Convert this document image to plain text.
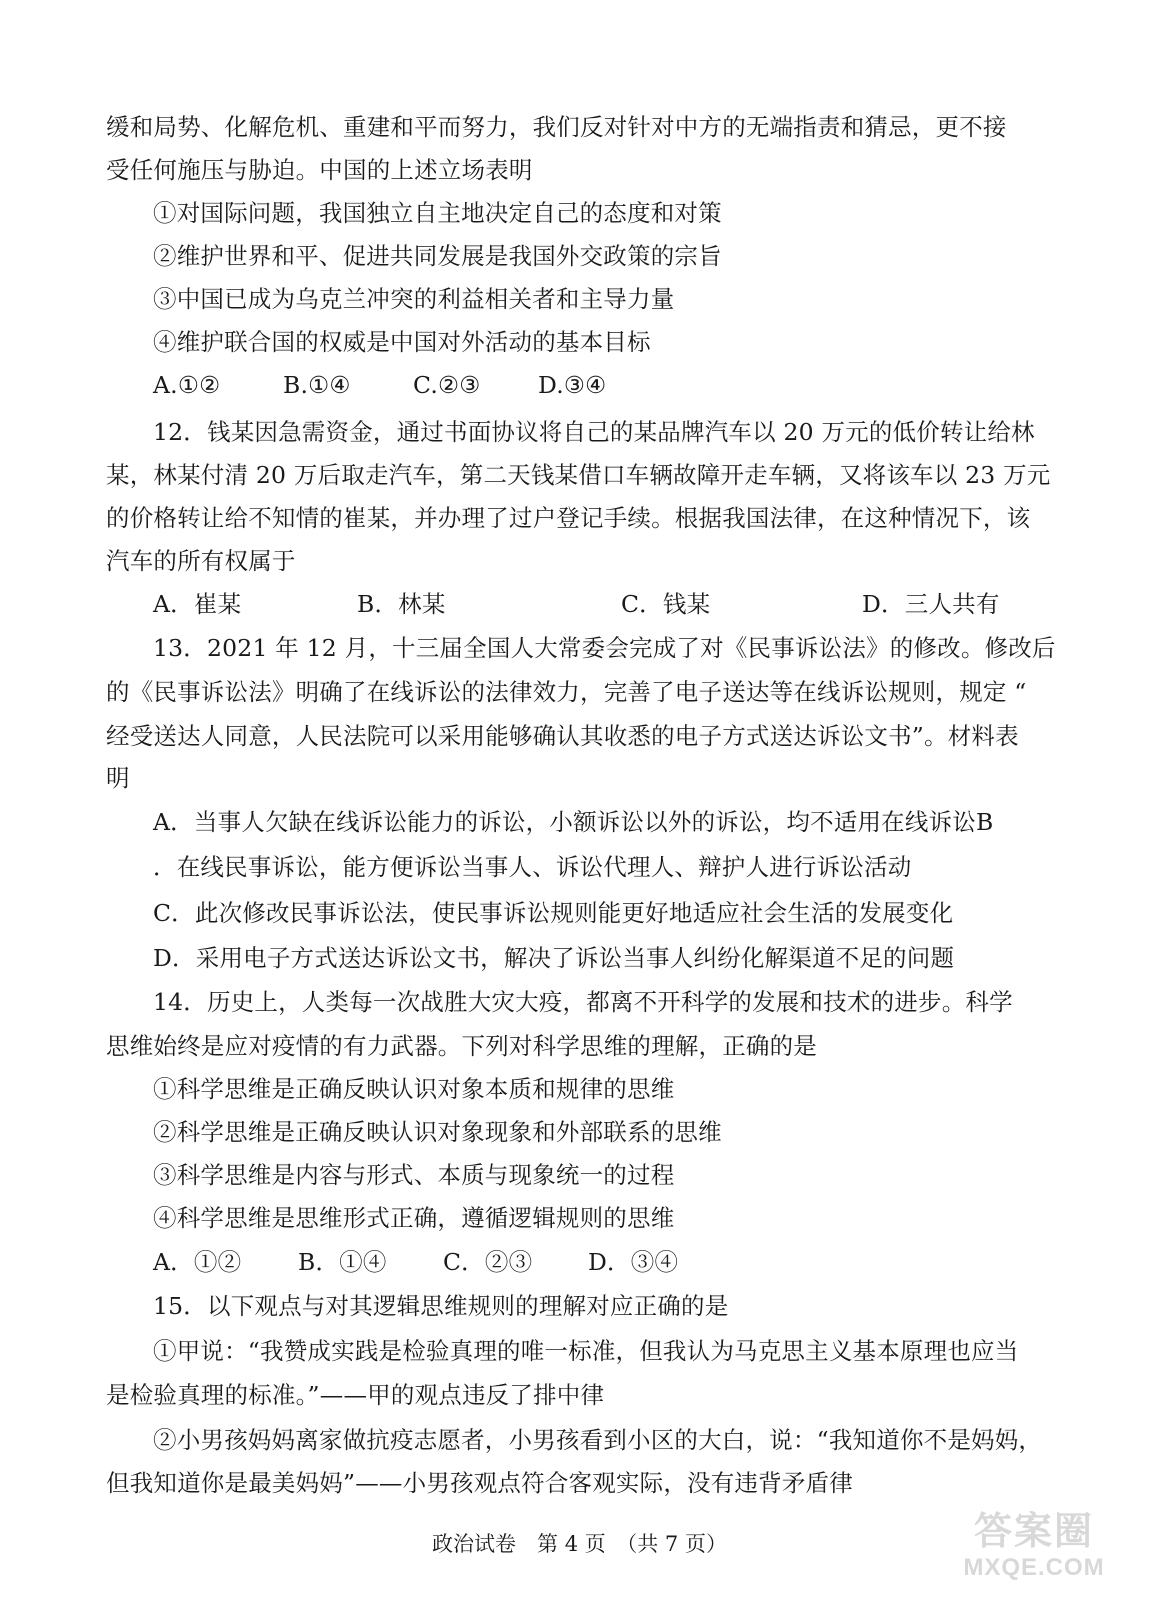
缓和局势、化解危机、重建和平而努力，我们反对针对中方的无端指责和猜忌，更不接
受任何施压与胁迫。中国的上述立场表明
①对国际问题，我国独立自主地决定自己的态度和对策
②维护世界和平、促进共同发展是我国外交政策的宗旨
③中国已成为乌克兰冲突的利益相关者和主导力量
④维护联合国的权威是中国对外活动的基本目标
A.①②	B.①④	C.②③ D.③④
12．钱某因急需资金，通过书面协议将自己的某品牌汽车以 20 万元的低价转让给林
某，林某付清 20 万后取走汽车，第二天钱某借口车辆故障开走车辆，又将该车以 23 万元
的价格转让给不知情的崔某，并办理了过户登记手续。根据我国法律，在这种情况下，该
汽车的所有权属于
A．崔某	B．林某	C．钱某	D．三人共有
13．2021 年 12 月，十三届全国人大常委会完成了对《民事诉讼法》的修改。修改后
的《民事诉讼法》明确了在线诉讼的法律效力，完善了电子送达等在线诉讼规则，规定 “
经受送达人同意，人民法院可以采用能够确认其收悉的电子方式送达诉讼文书”。材料表
明
A．当事人欠缺在线诉讼能力的诉讼，小额诉讼以外的诉讼，均不适用在线诉讼B
．在线民事诉讼，能方便诉讼当事人、诉讼代理人、辩护人进行诉讼活动
C．此次修改民事诉讼法，使民事诉讼规则能更好地适应社会生活的发展变化
D．采用电子方式送达诉讼文书，解决了诉讼当事人纠纷化解渠道不足的问题
14．历史上，人类每一次战胜大灾大疫，都离不开科学的发展和技术的进步。科学
思维始终是应对疫情的有力武器。下列对科学思维的理解，正确的是
①科学思维是正确反映认识对象本质和规律的思维
②科学思维是正确反映认识对象现象和外部联系的思维
③科学思维是内容与形式、本质与现象统一的过程
④科学思维是思维形式正确，遵循逻辑规则的思维
A．①② B．①④ C．②③ D．③④
15．以下观点与对其逻辑思维规则的理解对应正确的是
①甲说：“我赞成实践是检验真理的唯一标准，但我认为马克思主义基本原理也应当
是检验真理的标准。”——甲的观点违反了排中律
②小男孩妈妈离家做抗疫志愿者，小男孩看到小区的大白，说：“我知道你不是妈妈，
但我知道你是最美妈妈”——小男孩观点符合客观实际，没有违背矛盾律
政治试卷　第 4 页　（共 7 页）	答案圈
MXQE.COM
